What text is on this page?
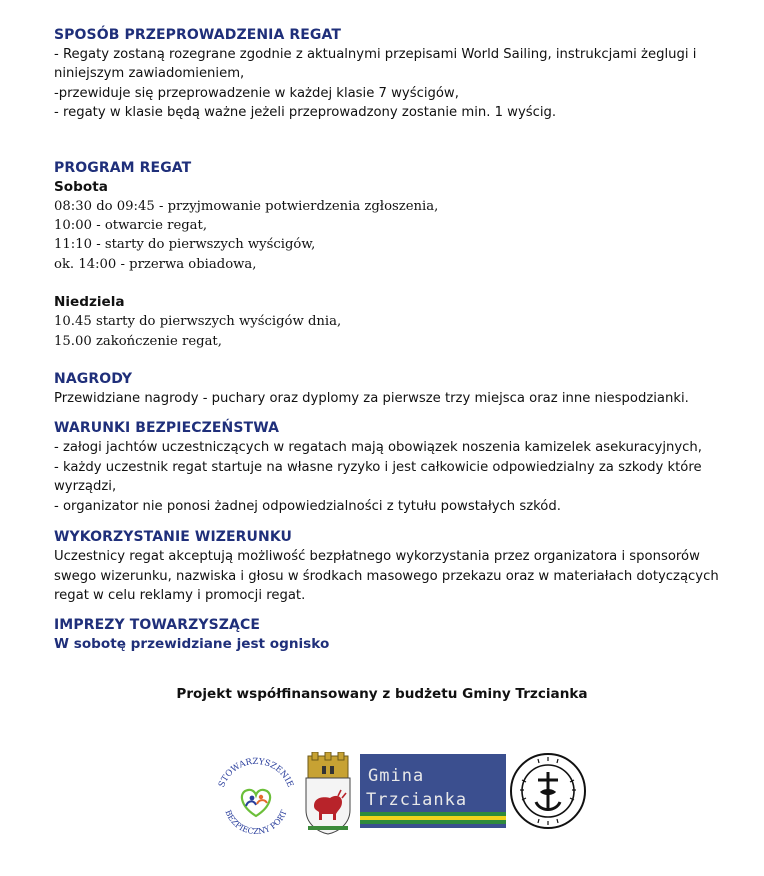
SPOSÓB PRZEPROWADZENIA REGAT
- Regaty zostaną rozegrane zgodnie z aktualnymi przepisami World Sailing, instrukcjami żeglugi i
niniejszym zawiadomieniem,
-przewiduje się przeprowadzenie w każdej klasie 7 wyścigów,
- regaty w klasie będą ważne jeżeli przeprowadzony zostanie min. 1 wyścig.
PROGRAM REGAT
Sobota
08:30 do 09:45 - przyjmowanie potwierdzenia zgłoszenia,
10:00 - otwarcie regat,
11:10 - starty do pierwszych wyścigów,
ok. 14:00 - przerwa obiadowa,
Niedziela
10.45 starty do pierwszych wyścigów dnia,
15.00 zakończenie regat,
NAGRODY
Przewidziane nagrody - puchary oraz dyplomy za pierwsze trzy miejsca oraz inne niespodzianki.
WARUNKI BEZPIECZEŃSTWA
- załogi jachtów uczestniczących w regatach mają obowiązek noszenia kamizelek asekuracyjnych,
- każdy uczestnik regat startuje na własne ryzyko i jest całkowicie odpowiedzialny za szkody które
wyrządzi,
- organizator nie ponosi żadnej odpowiedzialności z tytułu powstałych szkód.
WYKORZYSTANIE WIZERUNKU
Uczestnicy regat akceptują możliwość bezpłatnego wykorzystania przez organizatora i sponsorów
swego wizerunku, nazwiska i głosu w środkach masowego przekazu oraz w materiałach dotyczących
regat w celu reklamy i promocji regat.
IMPREZY TOWARZYSZĄCE
W sobotę przewidziane jest ognisko
Projekt współfinansowany z budżetu Gminy Trzcianka
STOWARZYSZENIE
BEZPIECZNY PORT
Gmina
Trzcianka
